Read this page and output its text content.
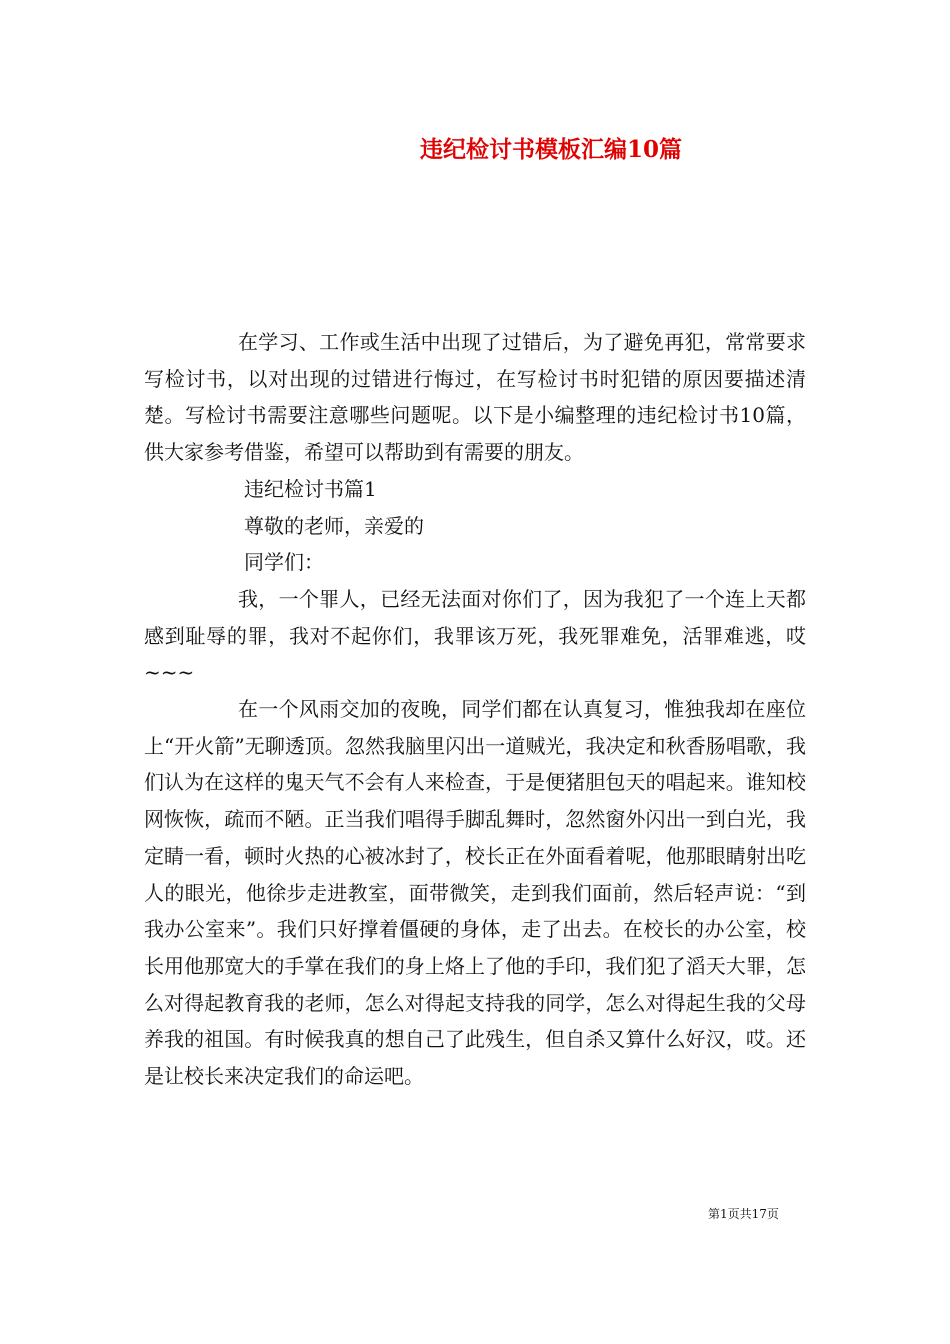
违纪检讨书模板汇编10篇

在学习、工作或生活中出现了过错后，为了避免再犯，常常要求写检讨书，以对出现的过错进行悔过，在写检讨书时犯错的原因要描述清楚。写检讨书需要注意哪些问题呢。以下是小编整理的违纪检讨书10篇，供大家参考借鉴，希望可以帮助到有需要的朋友。

违纪检讨书篇1

尊敬的老师，亲爱的

同学们：

我，一个罪人，已经无法面对你们了，因为我犯了一个连上天都感到耻辱的罪，我对不起你们，我罪该万死，我死罪难免，活罪难逃，哎~~~

在一个风雨交加的夜晚，同学们都在认真复习，惟独我却在座位上“开火箭”无聊透顶。忽然我脑里闪出一道贼光，我决定和秋香肠唱歌，我们认为在这样的鬼天气不会有人来检查，于是便猪胆包天的唱起来。谁知校网恢恢，疏而不陋。正当我们唱得手脚乱舞时，忽然窗外闪出一到白光，我定睛一看，顿时火热的心被冰封了，校长正在外面看着呢，他那眼睛射出吃人的眼光，他徐步走进教室，面带微笑，走到我们面前，然后轻声说：“到我办公室来”。我们只好撑着僵硬的身体，走了出去。在校长的办公室，校长用他那宽大的手掌在我们的身上烙上了他的手印，我们犯了滔天大罪，怎么对得起教育我的老师，怎么对得起支持我的同学，怎么对得起生我的父母养我的祖国。有时候我真的想自己了此残生，但自杀又算什么好汉，哎。还是让校长来决定我们的命运吧。

第1页共17页
